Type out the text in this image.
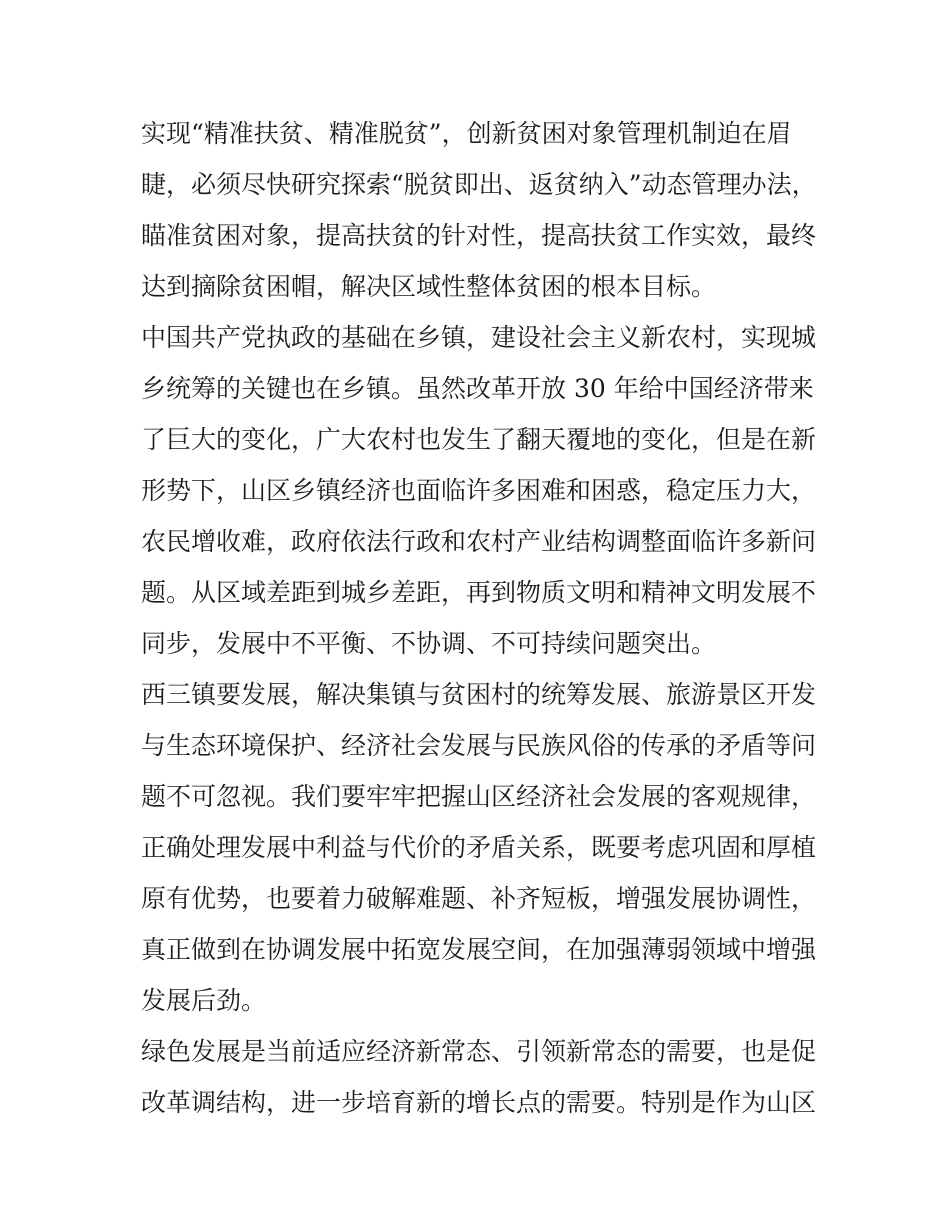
实现“精准扶贫、精准脱贫”，创新贫困对象管理机制迫在眉
睫，必须尽快研究探索“脱贫即出、返贫纳入”动态管理办法，
瞄准贫困对象，提高扶贫的针对性，提高扶贫工作实效，最终
达到摘除贫困帽，解决区域性整体贫困的根本目标。

中国共产党执政的基础在乡镇，建设社会主义新农村，实现城
乡统筹的关键也在乡镇。虽然改革开放 30 年给中国经济带来
了巨大的变化，广大农村也发生了翻天覆地的变化，但是在新
形势下，山区乡镇经济也面临许多困难和困惑，稳定压力大，
农民增收难，政府依法行政和农村产业结构调整面临许多新问
题。从区域差距到城乡差距，再到物质文明和精神文明发展不
同步，发展中不平衡、不协调、不可持续问题突出。

西三镇要发展，解决集镇与贫困村的统筹发展、旅游景区开发
与生态环境保护、经济社会发展与民族风俗的传承的矛盾等问
题不可忽视。我们要牢牢把握山区经济社会发展的客观规律，
正确处理发展中利益与代价的矛盾关系，既要考虑巩固和厚植
原有优势，也要着力破解难题、补齐短板，增强发展协调性，
真正做到在协调发展中拓宽发展空间，在加强薄弱领域中增强
发展后劲。

绿色发展是当前适应经济新常态、引领新常态的需要，也是促
改革调结构，进一步培育新的增长点的需要。特别是作为山区
